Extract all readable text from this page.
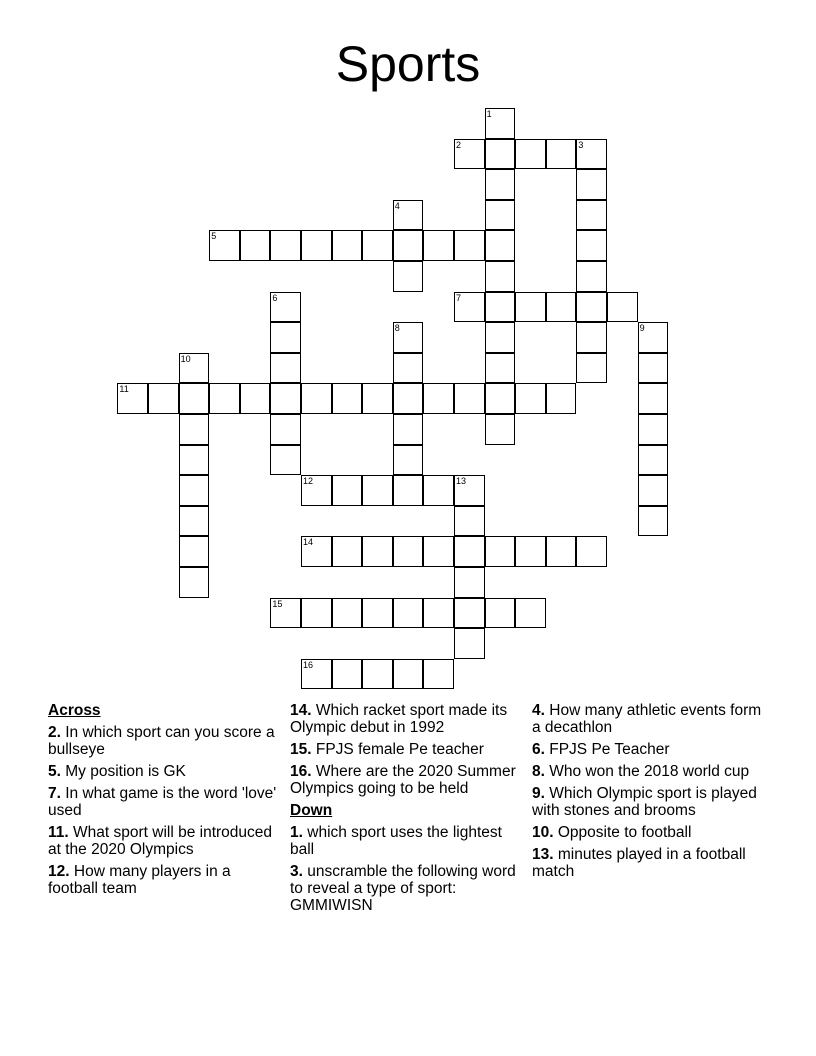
Sports
1
2	3
4
5
6	7
8	9
10
11
12	13
14
15
16
Across
2. In which sport can you score a bullseye
5. My position is GK
7. In what game is the word 'love' used
11. What sport will be introduced at the 2020 Olympics
12. How many players in a football team
14. Which racket sport made its Olympic debut in 1992
15. FPJS female Pe teacher
16. Where are the 2020 Summer Olympics going to be held
Down
1. which sport uses the lightest ball
3. unscramble the following word to reveal a type of sport: GMMIWISN
4. How many athletic events form a decathlon
6. FPJS Pe Teacher
8. Who won the 2018 world cup
9. Which Olympic sport is played with stones and brooms
10. Opposite to football
13. minutes played in a football match
